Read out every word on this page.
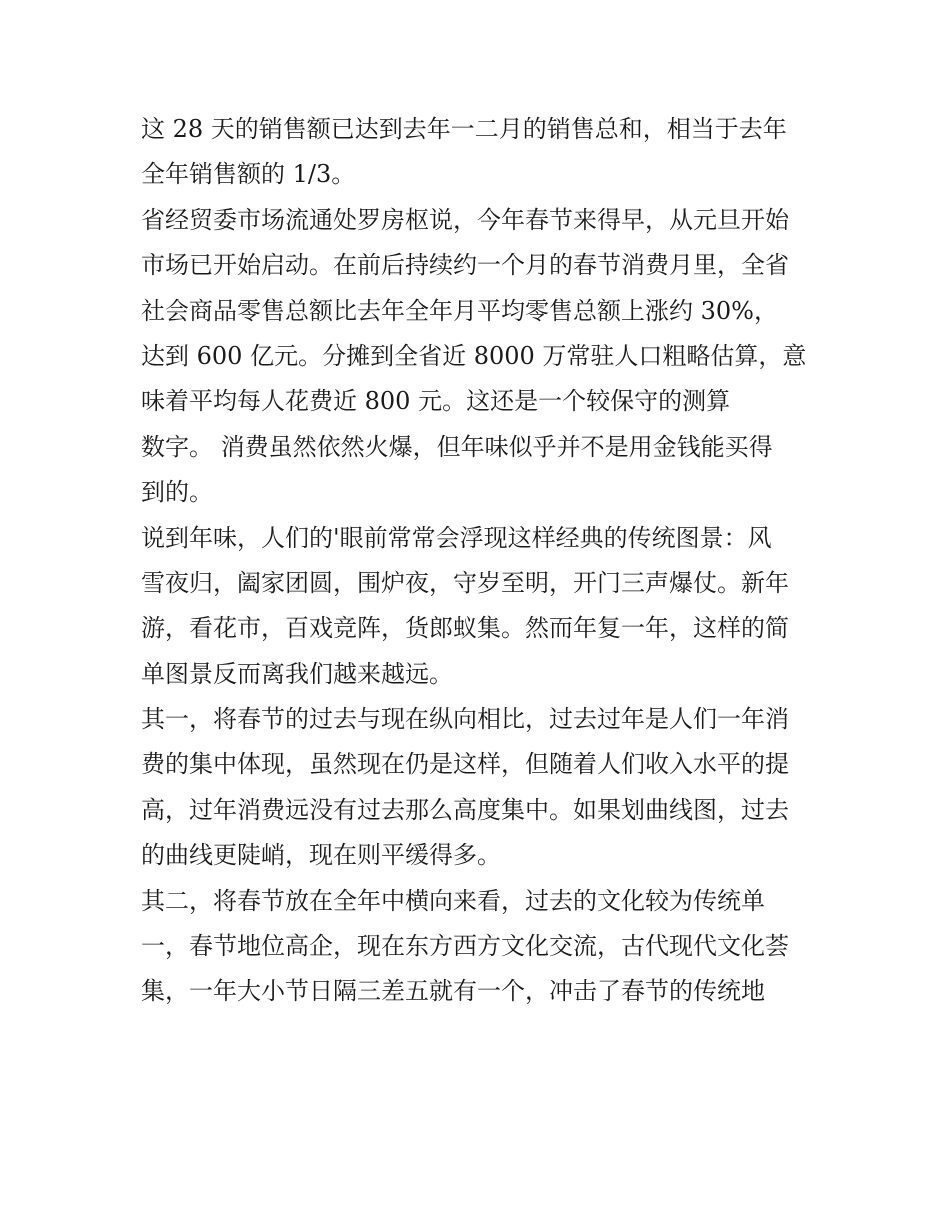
这 28 天的销售额已达到去年一二月的销售总和，相当于去年
全年销售额的 1/3。
省经贸委市场流通处罗房枢说，今年春节来得早，从元旦开始
市场已开始启动。在前后持续约一个月的春节消费月里，全省
社会商品零售总额比去年全年月平均零售总额上涨约 30%，
达到 600 亿元。分摊到全省近 8000 万常驻人口粗略估算，意
味着平均每人花费近 800 元。这还是一个较保守的测算
数字。 消费虽然依然火爆，但年味似乎并不是用金钱能买得
到的。
说到年味，人们的'眼前常常会浮现这样经典的传统图景：风
雪夜归，阖家团圆，围炉夜，守岁至明，开门三声爆仗。新年
游，看花市，百戏竞阵，货郎蚁集。然而年复一年，这样的简
单图景反而离我们越来越远。
其一，将春节的过去与现在纵向相比，过去过年是人们一年消
费的集中体现，虽然现在仍是这样，但随着人们收入水平的提
高，过年消费远没有过去那么高度集中。如果划曲线图，过去
的曲线更陡峭，现在则平缓得多。
其二，将春节放在全年中横向来看，过去的文化较为传统单
一，春节地位高企，现在东方西方文化交流，古代现代文化荟
集，一年大小节日隔三差五就有一个，冲击了春节的传统地
